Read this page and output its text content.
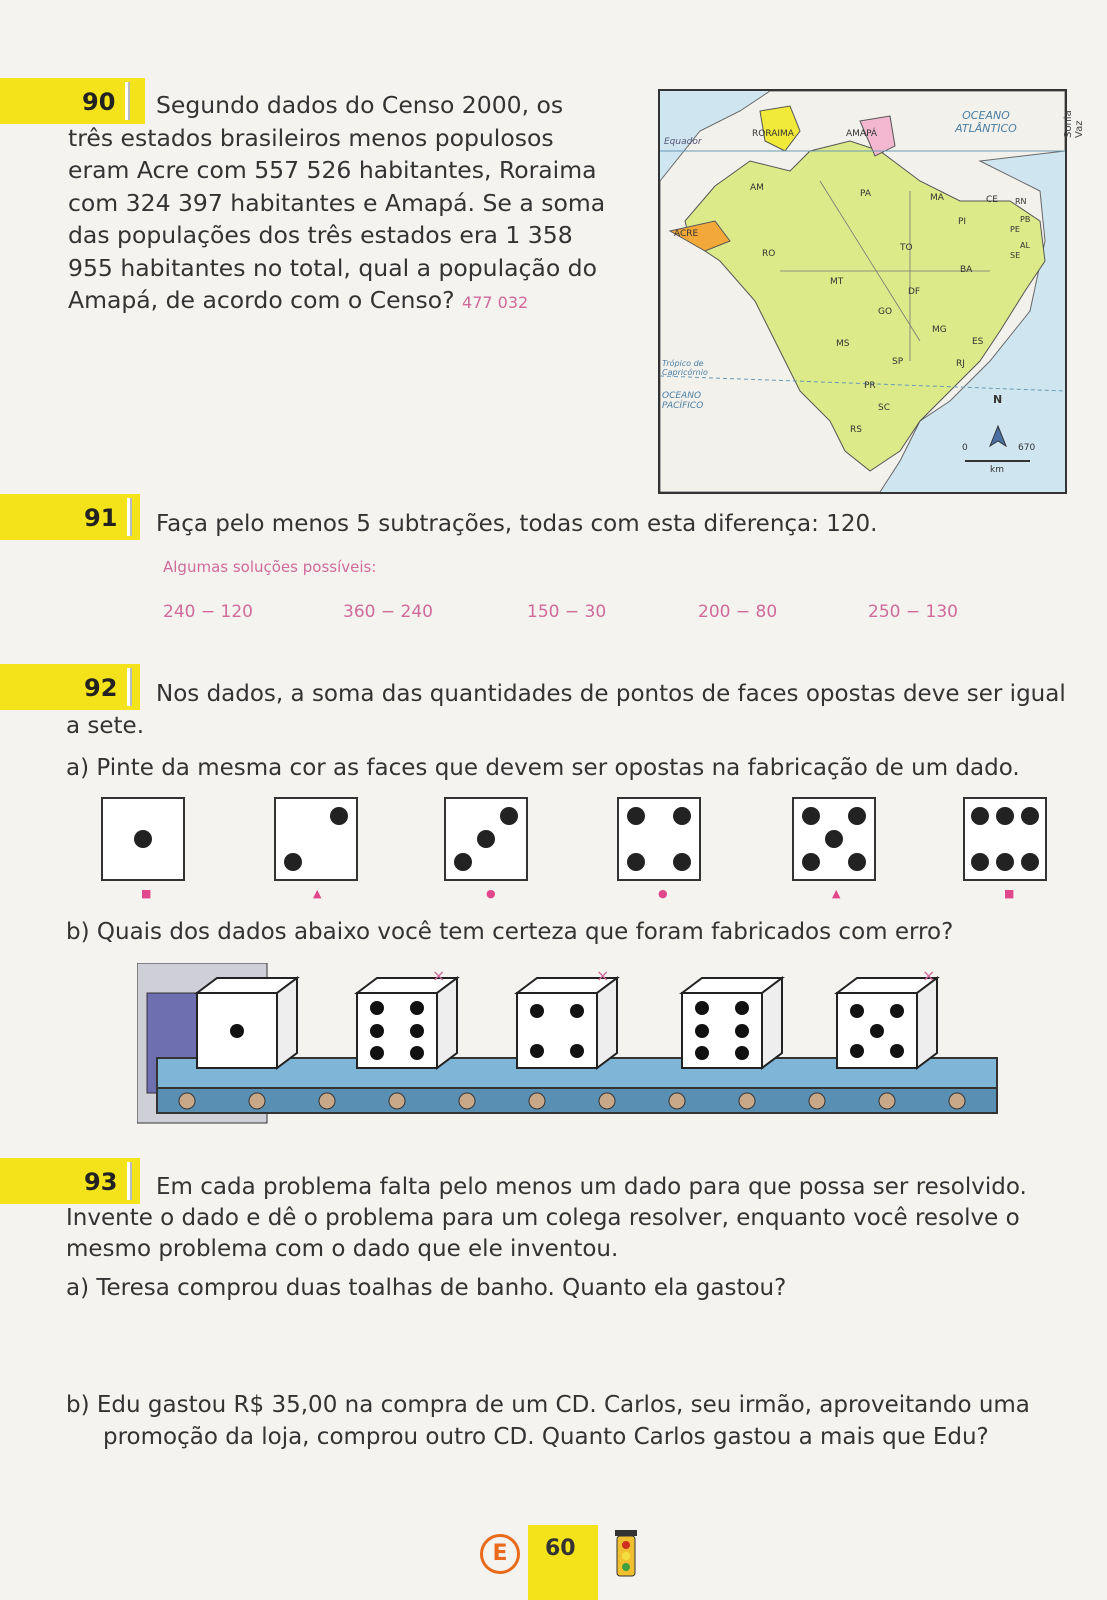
90	Segundo dados do Censo 2000, os três estados brasileiros menos populosos eram Acre com 557 526 habitantes, Roraima com 324 397 habitantes e Amapá. Se a soma das populações dos três estados era 1 358 955 habitantes no total, qual a população do Amapá, de acordo com o Censo? 477 032
Equador
RORAIMA	AMAPÁ
ACRE
OCEANO ATLÂNTICO
OCEANO PACÍFICO
Trópico de Capricórnio
AM
PA	MA	CE RN
PB
PE
AL
SE
PI
TO
BA
RO
MT
DF
GO
MG
ES
MS
SP	RJ
PR
SC
RS
N
0	670
km
Sonia Vaz
91	Faça pelo menos 5 subtrações, todas com esta diferença: 120.
Algumas soluções possíveis:
240 − 120	360 − 240	150 − 30	200 − 80	250 − 130
92	Nos dados, a soma das quantidades de pontos de faces opostas deve ser igual a sete.
a) Pinte da mesma cor as faces que devem ser opostas na fabricação de um dado.
■	▲	●	●	▲	■
b) Quais dos dados abaixo você tem certeza que foram fabricados com erro?
×	×	×
93	Em cada problema falta pelo menos um dado para que possa ser resolvido. Invente o dado e dê o problema para um colega resolver, enquanto você resolve o mesmo problema com o dado que ele inventou.
a) Teresa comprou duas toalhas de banho. Quanto ela gastou?
b) Edu gastou R$ 35,00 na compra de um CD. Carlos, seu irmão, aproveitando uma promoção da loja, comprou outro CD. Quanto Carlos gastou a mais que Edu?
E	60
